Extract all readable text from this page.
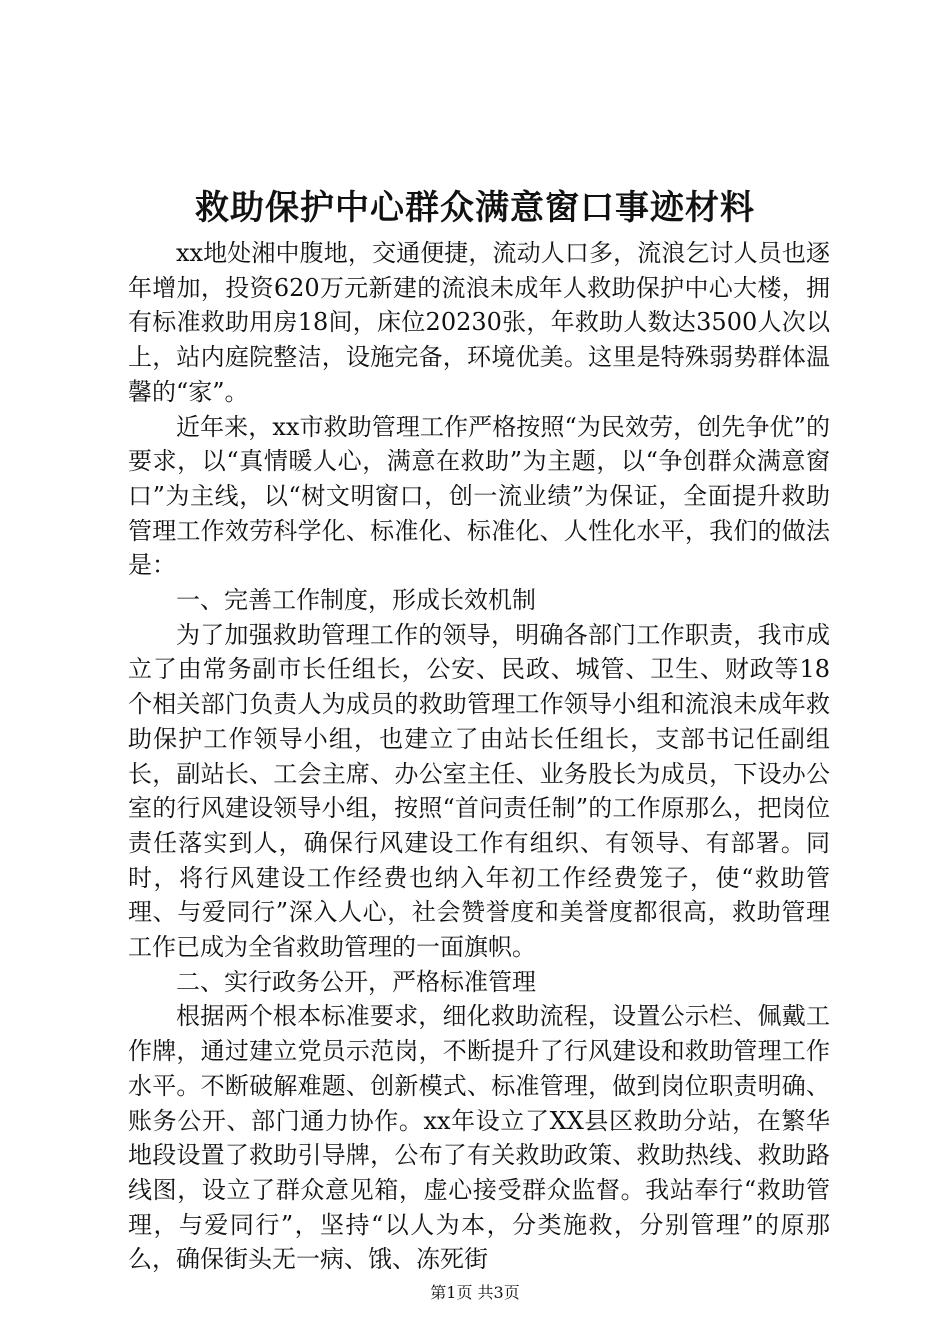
救助保护中心群众满意窗口事迹材料

xx地处湘中腹地，交通便捷，流动人口多，流浪乞讨人员也逐年增加，投资620万元新建的流浪未成年人救助保护中心大楼，拥有标准救助用房18间，床位20230张，年救助人数达3500人次以上，站内庭院整洁，设施完备，环境优美。这里是特殊弱势群体温馨的“家”。

近年来，xx市救助管理工作严格按照“为民效劳，创先争优”的要求，以“真情暖人心，满意在救助”为主题，以“争创群众满意窗口”为主线，以“树文明窗口，创一流业绩”为保证，全面提升救助管理工作效劳科学化、标准化、标准化、人性化水平，我们的做法是：

一、完善工作制度，形成长效机制

为了加强救助管理工作的领导，明确各部门工作职责，我市成立了由常务副市长任组长，公安、民政、城管、卫生、财政等18个相关部门负责人为成员的救助管理工作领导小组和流浪未成年救助保护工作领导小组，也建立了由站长任组长，支部书记任副组长，副站长、工会主席、办公室主任、业务股长为成员，下设办公室的行风建设领导小组，按照“首问责任制”的工作原那么，把岗位责任落实到人，确保行风建设工作有组织、有领导、有部署。同时，将行风建设工作经费也纳入年初工作经费笼子，使“救助管理、与爱同行”深入人心，社会赞誉度和美誉度都很高，救助管理工作已成为全省救助管理的一面旗帜。

二、实行政务公开，严格标准管理

根据两个根本标准要求，细化救助流程，设置公示栏、佩戴工作牌，通过建立党员示范岗，不断提升了行风建设和救助管理工作水平。不断破解难题、创新模式、标准管理，做到岗位职责明确、账务公开、部门通力协作。xx年设立了XX县区救助分站，在繁华地段设置了救助引导牌，公布了有关救助政策、救助热线、救助路线图，设立了群众意见箱，虚心接受群众监督。我站奉行“救助管理，与爱同行”，坚持“以人为本，分类施救，分别管理”的原那么，确保街头无一病、饿、冻死街

第1页 共3页
